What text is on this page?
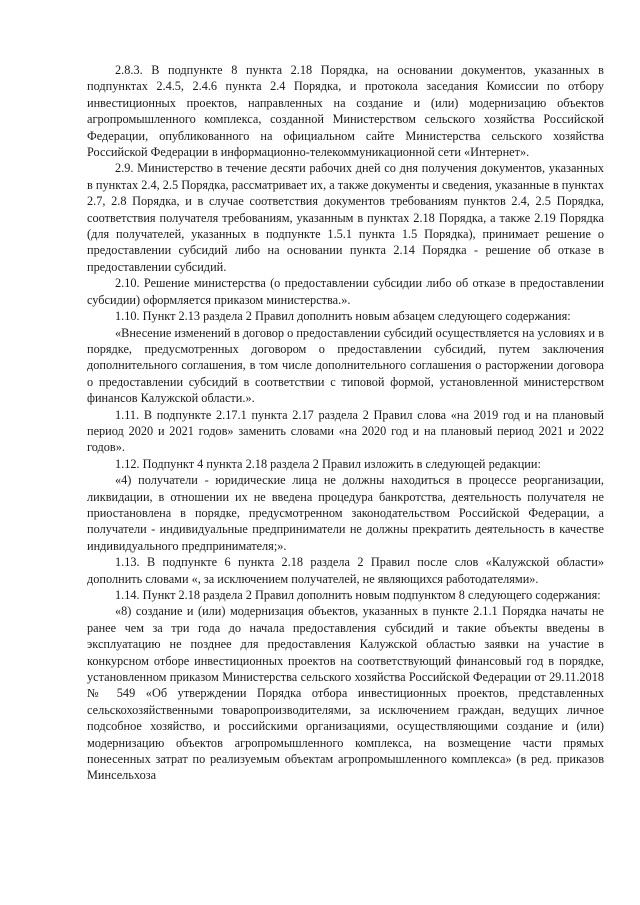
2.8.3. В подпункте 8 пункта 2.18 Порядка, на основании документов, указанных в подпунктах 2.4.5, 2.4.6 пункта 2.4 Порядка, и протокола заседания Комиссии по отбору инвестиционных проектов, направленных на создание и (или) модернизацию объектов агропромышленного комплекса, созданной Министерством сельского хозяйства Российской Федерации, опубликованного на официальном сайте Министерства сельского хозяйства Российской Федерации в информационно-телекоммуникационной сети «Интернет».

2.9. Министерство в течение десяти рабочих дней со дня получения документов, указанных в пунктах 2.4, 2.5 Порядка, рассматривает их, а также документы и сведения, указанные в пунктах 2.7, 2.8 Порядка, и в случае соответствия документов требованиям пунктов 2.4, 2.5 Порядка, соответствия получателя требованиям, указанным в пунктах 2.18 Порядка, а также 2.19 Порядка (для получателей, указанных в подпункте 1.5.1 пункта 1.5 Порядка), принимает решение о предоставлении субсидий либо на основании пункта 2.14 Порядка - решение об отказе в предоставлении субсидий.

2.10. Решение министерства (о предоставлении субсидии либо об отказе в предоставлении субсидии) оформляется приказом министерства.».

1.10. Пункт 2.13 раздела 2 Правил дополнить новым абзацем следующего содержания:

«Внесение изменений в договор о предоставлении субсидий осуществляется на условиях и в порядке, предусмотренных договором о предоставлении субсидий, путем заключения дополнительного соглашения, в том числе дополнительного соглашения о расторжении договора о предоставлении субсидий в соответствии с типовой формой, установленной министерством финансов Калужской области.».

1.11. В подпункте 2.17.1 пункта 2.17 раздела 2 Правил слова «на 2019 год и на плановый период 2020 и 2021 годов» заменить словами «на 2020 год и на плановый период 2021 и 2022 годов».

1.12. Подпункт 4 пункта 2.18 раздела 2 Правил изложить в следующей редакции:

«4) получатели - юридические лица не должны находиться в процессе реорганизации, ликвидации, в отношении их не введена процедура банкротства, деятельность получателя не приостановлена в порядке, предусмотренном законодательством Российской Федерации, а получатели - индивидуальные предприниматели не должны прекратить деятельность в качестве индивидуального предпринимателя;».

1.13. В подпункте 6 пункта 2.18 раздела 2 Правил после слов «Калужской области» дополнить словами «, за исключением получателей, не являющихся работодателями».

1.14. Пункт 2.18 раздела 2 Правил дополнить новым подпунктом 8 следующего содержания:

«8) создание и (или) модернизация объектов, указанных в пункте 2.1.1 Порядка начаты не ранее чем за три года до начала предоставления субсидий и такие объекты введены в эксплуатацию не позднее для предоставления Калужской областью заявки на участие в конкурсном отборе инвестиционных проектов на соответствующий финансовый год в порядке, установленном приказом Министерства сельского хозяйства Российской Федерации от 29.11.2018 № 549 «Об утверждении Порядка отбора инвестиционных проектов, представленных сельскохозяйственными товаропроизводителями, за исключением граждан, ведущих личное подсобное хозяйство, и российскими организациями, осуществляющими создание и (или) модернизацию объектов агропромышленного комплекса, на возмещение части прямых понесенных затрат по реализуемым объектам агропромышленного комплекса» (в ред. приказов Минсельхоза
